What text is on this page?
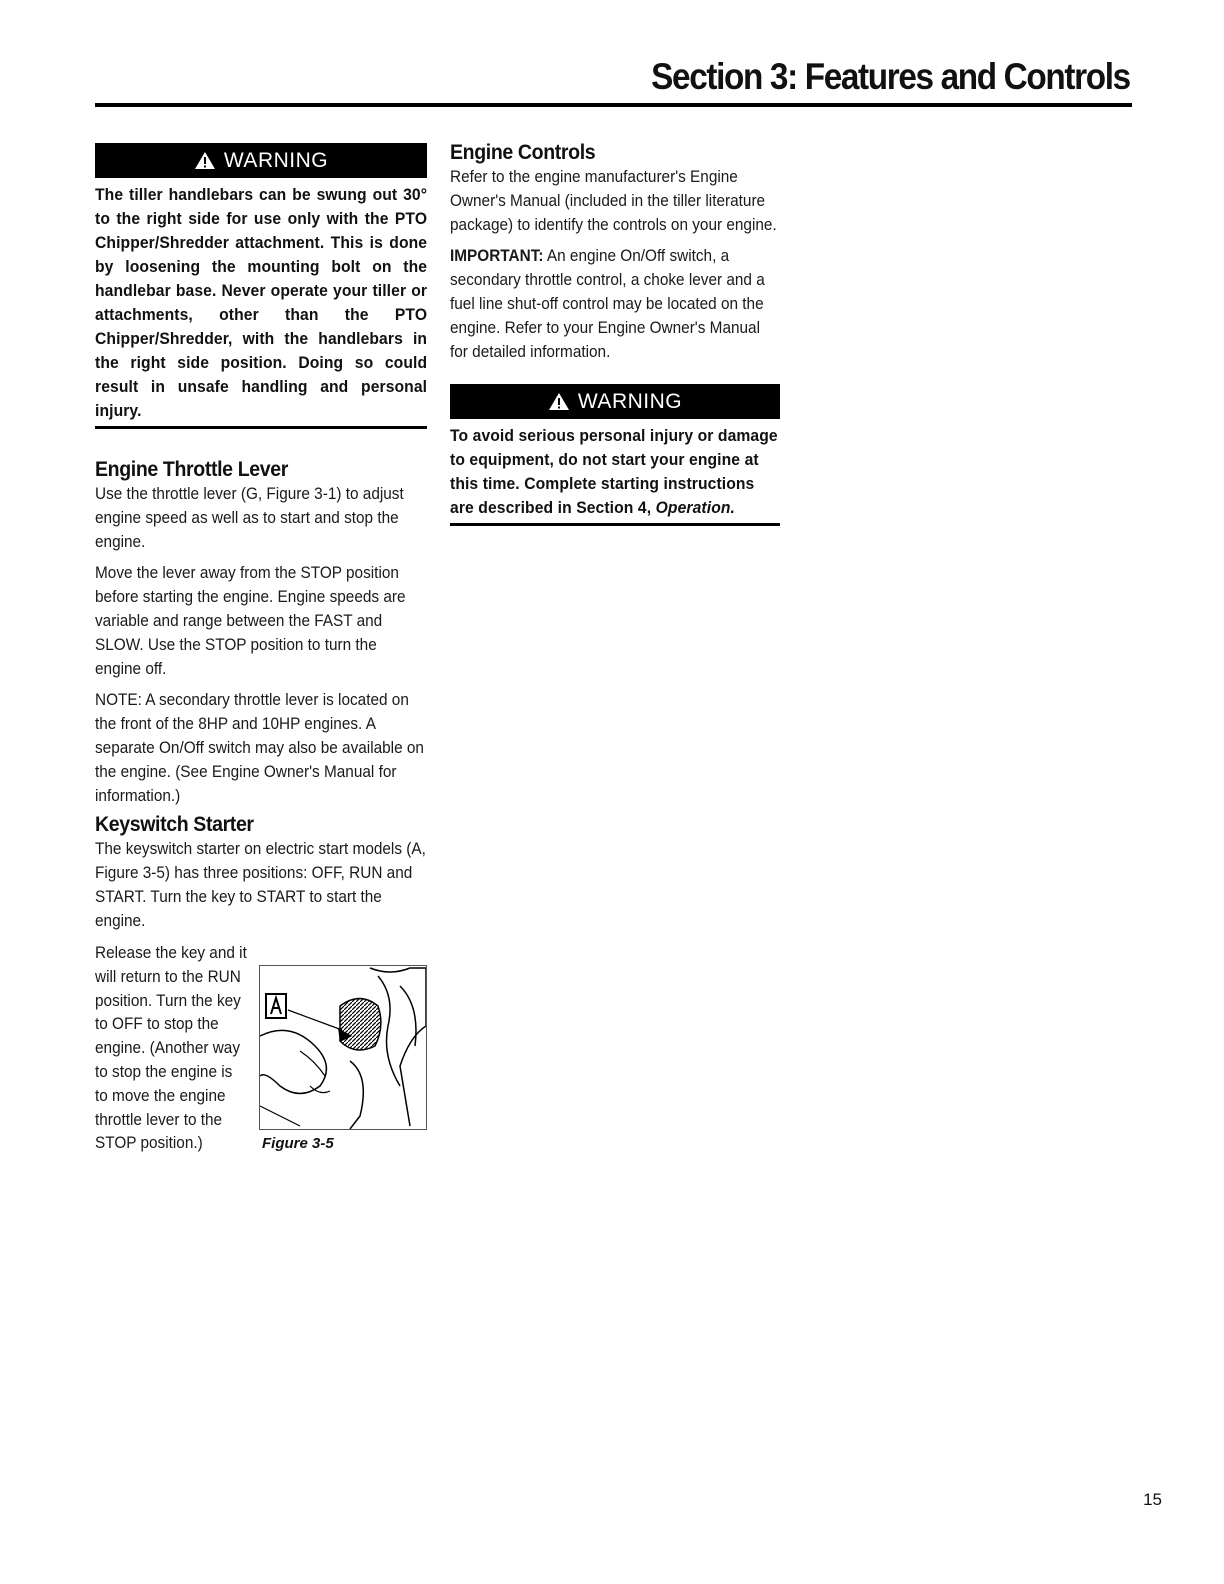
Section 3: Features and Controls
WARNING
The tiller handlebars can be swung out 30° to the right side for use only with the PTO Chipper/Shredder attachment. This is done by loosening the mounting bolt on the handlebar base. Never operate your tiller or attachments, other than the PTO Chipper/Shredder, with the handlebars in the right side position. Doing so could result in unsafe handling and personal injury.
Engine Throttle Lever

Use the throttle lever (G, Figure 3-1) to adjust engine speed as well as to start and stop the engine.

Move the lever away from the STOP position before starting the engine. Engine speeds are variable and range between the FAST and SLOW. Use the STOP position to turn the engine off.

NOTE: A secondary throttle lever is located on the front of the 8HP and 10HP engines. A separate On/Off switch may also be available on the engine. (See Engine Owner's Manual for information.)

Keyswitch Starter

The keyswitch starter on electric start models (A, Figure 3-5) has three positions: OFF, RUN and START. Turn the key to START to start the engine.

Release the key and it will return to the RUN position. Turn the key to OFF to stop the engine. (Another way to stop the engine is to move the engine throttle lever to the STOP position.)	Figure 3-5
Engine Controls

Refer to the engine manufacturer's Engine Owner's Manual (included in the tiller literature package) to identify the controls on your engine.

IMPORTANT: An engine On/Off switch, a secondary throttle control, a choke lever and a fuel line shut-off control may be located on the engine. Refer to your Engine Owner's Manual for detailed information.

WARNING
To avoid serious personal injury or damage to equipment, do not start your engine at this time. Complete starting instructions are described in Section 4, Operation.
15
